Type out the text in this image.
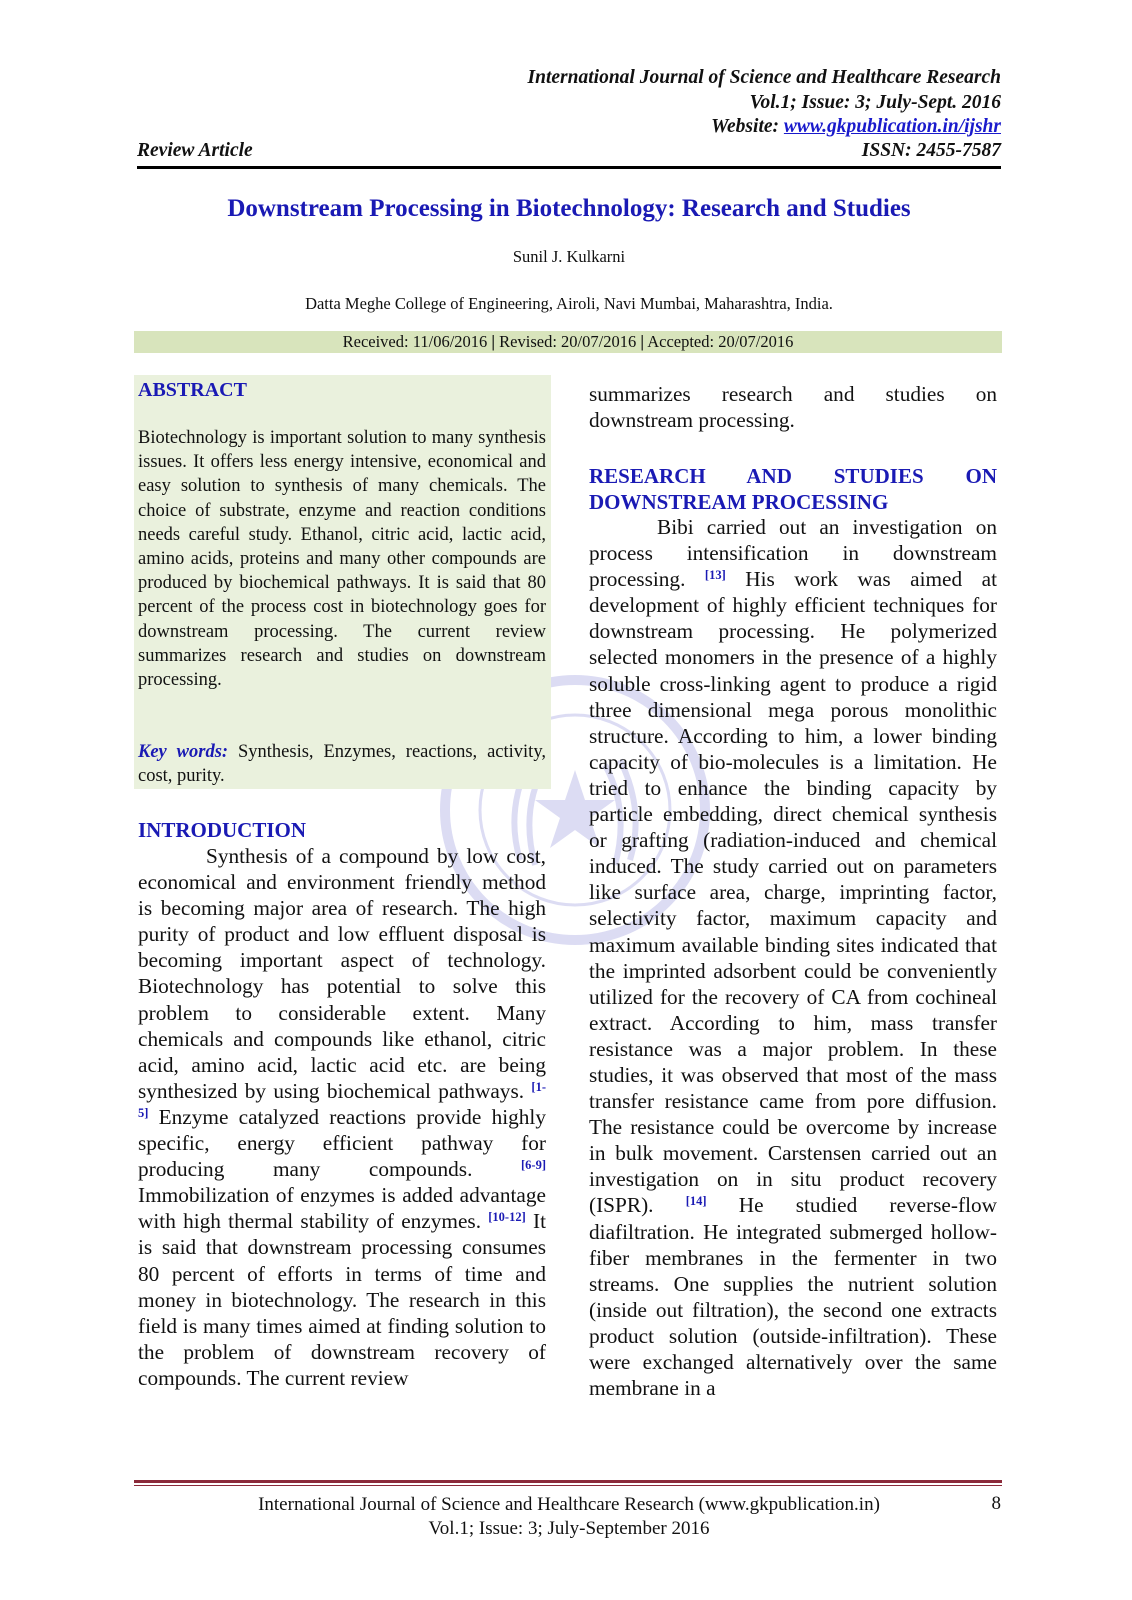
International Journal of Science and Healthcare Research
Vol.1; Issue: 3; July-Sept. 2016
Website: www.gkpublication.in/ijshr
Review Article	ISSN: 2455-7587
Downstream Processing in Biotechnology: Research and Studies
Sunil J. Kulkarni
Datta Meghe College of Engineering, Airoli, Navi Mumbai, Maharashtra, India.
Received: 11/06/2016 | Revised: 20/07/2016 | Accepted: 20/07/2016
ABSTRACT
Biotechnology is important solution to many synthesis issues. It offers less energy intensive, economical and easy solution to synthesis of many chemicals. The choice of substrate, enzyme and reaction conditions needs careful study. Ethanol, citric acid, lactic acid, amino acids, proteins and many other compounds are produced by biochemical pathways. It is said that 80 percent of the process cost in biotechnology goes for downstream processing. The current review summarizes research and studies on downstream processing.
Key words: Synthesis, Enzymes, reactions, activity, cost, purity.
INTRODUCTION
Synthesis of a compound by low cost, economical and environment friendly method is becoming major area of research. The high purity of product and low effluent disposal is becoming important aspect of technology. Biotechnology has potential to solve this problem to considerable extent. Many chemicals and compounds like ethanol, citric acid, amino acid, lactic acid etc. are being synthesized by using biochemical pathways. [1-5] Enzyme catalyzed reactions provide highly specific, energy efficient pathway for producing many compounds.	[6-9] Immobilization of enzymes is added advantage with high thermal stability of enzymes. [10-12] It is said that downstream processing consumes 80 percent of efforts in terms of time and money in biotechnology. The research in this field is many times aimed at finding solution to the problem of downstream recovery of compounds. The current review
summarizes research and studies on downstream processing.
RESEARCH AND STUDIES ON
DOWNSTREAM PROCESSING
Bibi carried out an investigation on process intensification in downstream processing. [13] His work was aimed at development of highly efficient techniques for downstream processing. He polymerized selected monomers in the presence of a highly soluble cross-linking agent to produce a rigid three dimensional mega porous monolithic structure. According to him, a lower binding capacity of bio-molecules is a limitation. He tried to enhance the binding capacity by particle embedding, direct chemical synthesis or grafting (radiation-induced and chemical induced. The study carried out on parameters like surface area, charge, imprinting factor, selectivity factor, maximum capacity and maximum available binding sites indicated that the imprinted adsorbent could be conveniently utilized for the recovery of CA from cochineal extract. According to him, mass transfer resistance was a major problem. In these studies, it was observed that most of the mass transfer resistance came from pore diffusion. The resistance could be overcome by increase in bulk movement. Carstensen carried out an investigation on in situ product recovery (ISPR).	[14] He studied reverse-flow diafiltration. He integrated submerged hollow-fiber membranes in the fermenter in two streams. One supplies the nutrient solution (inside out filtration), the second one extracts product solution (outside-infiltration). These were exchanged alternatively over the same membrane in a
International Journal of Science and Healthcare Research (www.gkpublication.in)
Vol.1; Issue: 3; July-September 2016
8
